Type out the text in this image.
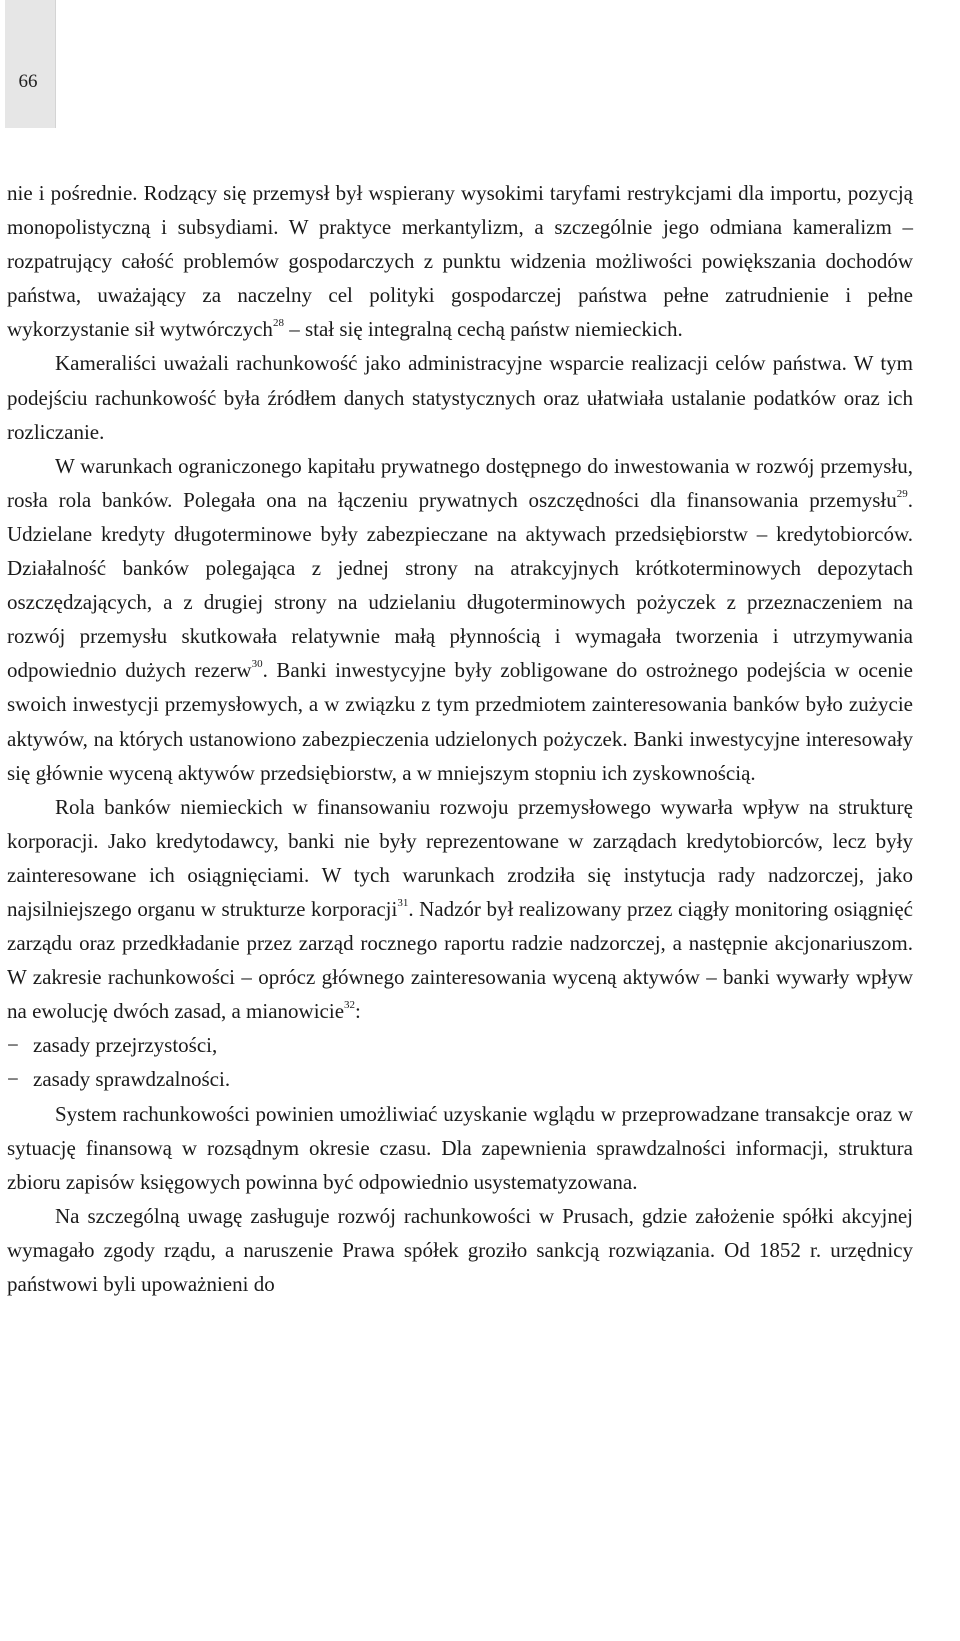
66

nie i pośrednie. Rodzący się przemysł był wspierany wysokimi taryfami restrykcjami dla importu, pozycją monopolistyczną i subsydiami. W praktyce merkantylizm, a szczególnie jego odmiana kameralizm – rozpatrujący całość problemów gospodarczych z punktu widzenia możliwości powiększania dochodów państwa, uważający za naczelny cel polityki gospodarczej państwa pełne zatrudnienie i pełne wykorzystanie sił wytwórczych$^{28}$ – stał się integralną cechą państw niemieckich.

Kameraliści uważali rachunkowość jako administracyjne wsparcie realizacji celów państwa. W tym podejściu rachunkowość była źródłem danych statystycznych oraz ułatwiała ustalanie podatków oraz ich rozliczanie.

W warunkach ograniczonego kapitału prywatnego dostępnego do inwestowania w rozwój przemysłu, rosła rola banków. Polegała ona na łączeniu prywatnych oszczędności dla finansowania przemysłu$^{29}$. Udzielane kredyty długoterminowe były zabezpieczane na aktywach przedsiębiorstw – kredytobiorców. Działalność banków polegająca z jednej strony na atrakcyjnych krótkoterminowych depozytach oszczędzających, a z drugiej strony na udzielaniu długoterminowych pożyczek z przeznaczeniem na rozwój przemysłu skutkowała relatywnie małą płynnością i wymagała tworzenia i utrzymywania odpowiednio dużych rezerw$^{30}$. Banki inwestycyjne były zobligowane do ostrożnego podejścia w ocenie swoich inwestycji przemysłowych, a w związku z tym przedmiotem zainteresowania banków było zużycie aktywów, na których ustanowiono zabezpieczenia udzielonych pożyczek. Banki inwestycyjne interesowały się głównie wyceną aktywów przedsiębiorstw, a w mniejszym stopniu ich zyskownością.

Rola banków niemieckich w finansowaniu rozwoju przemysłowego wywarła wpływ na strukturę korporacji. Jako kredytodawcy, banki nie były reprezentowane w zarządach kredytobiorców, lecz były zainteresowane ich osiągnięciami. W tych warunkach zrodziła się instytucja rady nadzorczej, jako najsilniejszego organu w strukturze korporacji$^{31}$. Nadzór był realizowany przez ciągły monitoring osiągnięć zarządu oraz przedkładanie przez zarząd rocznego raportu radzie nadzorczej, a następnie akcjonariuszom. W zakresie rachunkowości – oprócz głównego zainteresowania wyceną aktywów – banki wywarły wpływ na ewolucję dwóch zasad, a mianowicie$^{32}$:

− zasady przejrzystości,
− zasady sprawdzalności.

System rachunkowości powinien umożliwiać uzyskanie wglądu w przeprowadzane transakcje oraz w sytuację finansową w rozsądnym okresie czasu. Dla zapewnienia sprawdzalności informacji, struktura zbioru zapisów księgowych powinna być odpowiednio usystematyzowana.

Na szczególną uwagę zasługuje rozwój rachunkowości w Prusach, gdzie założenie spółki akcyjnej wymagało zgody rządu, a naruszenie Prawa spółek groziło sankcją rozwiązania. Od 1852 r. urzędnicy państwowi byli upoważnieni do
